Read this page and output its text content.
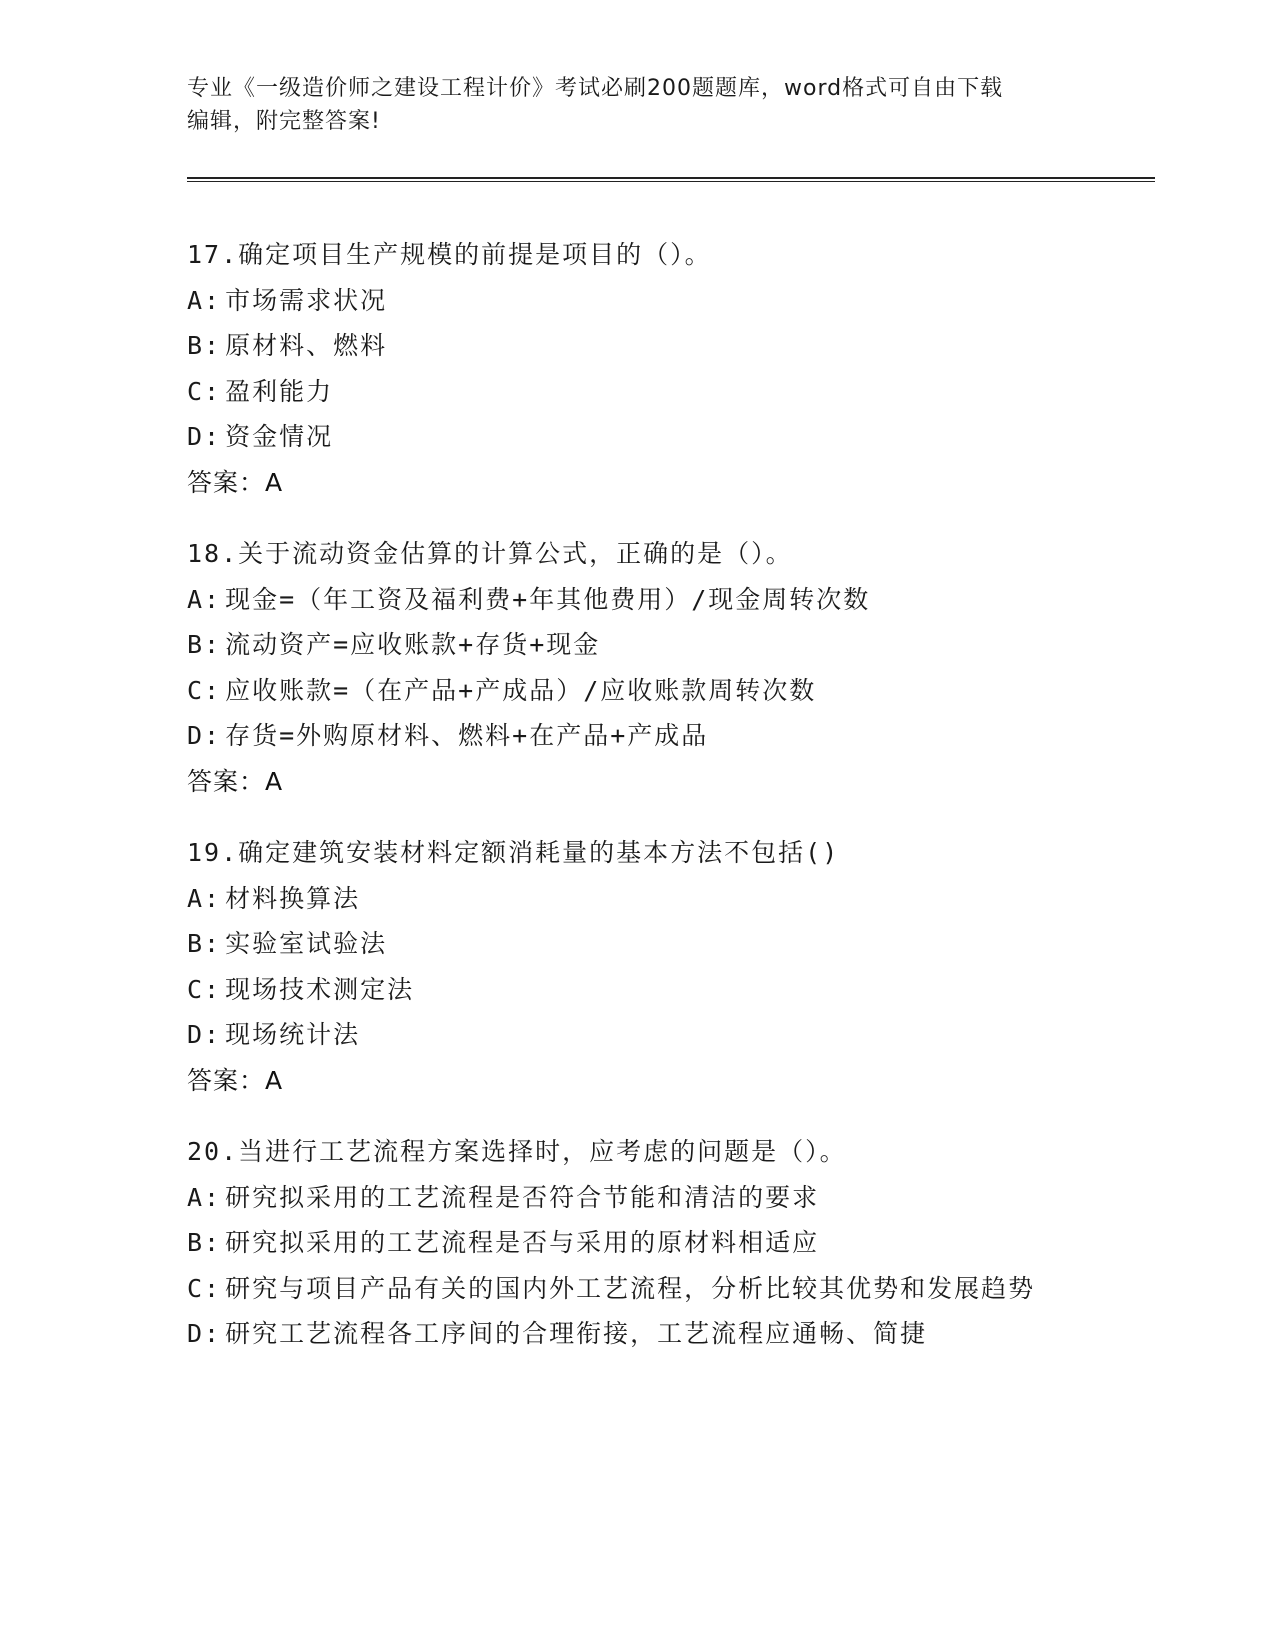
专业《一级造价师之建设工程计价》考试必刷200题题库，word格式可自由下载
编辑，附完整答案!
17.确定项目生产规模的前提是项目的（）。
A: 市场需求状况
B: 原材料、燃料
C: 盈利能力
D: 资金情况
答案：A
18.关于流动资金估算的计算公式，正确的是（）。
A: 现金=（年工资及福利费+年其他费用）/现金周转次数
B: 流动资产=应收账款+存货+现金
C: 应收账款=（在产品+产成品）/应收账款周转次数
D: 存货=外购原材料、燃料+在产品+产成品
答案：A
19.确定建筑安装材料定额消耗量的基本方法不包括()
A: 材料换算法
B: 实验室试验法
C: 现场技术测定法
D: 现场统计法
答案：A
20.当进行工艺流程方案选择时，应考虑的问题是（）。
A: 研究拟采用的工艺流程是否符合节能和清洁的要求
B: 研究拟采用的工艺流程是否与采用的原材料相适应
C: 研究与项目产品有关的国内外工艺流程，分析比较其优势和发展趋势
D: 研究工艺流程各工序间的合理衔接，工艺流程应通畅、简捷
